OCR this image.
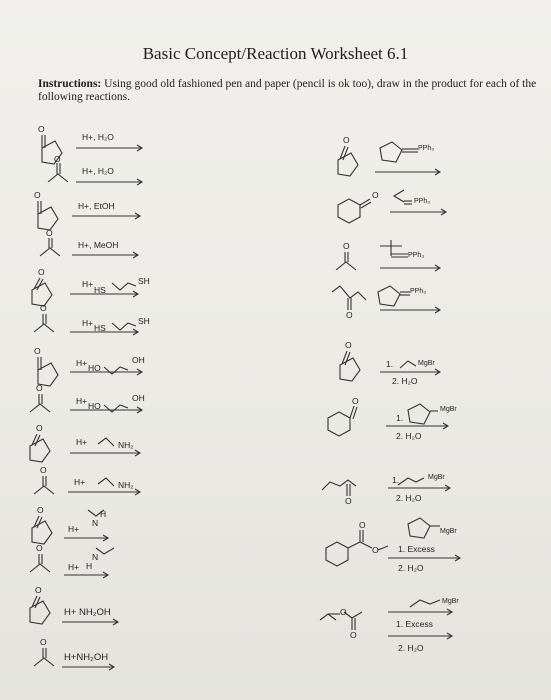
Basic Concept/Reaction Worksheet 6.1
Instructions: Using good old fashioned pen and paper (pencil is ok too), draw in the product for each of the following reactions.
O
O
O
O
O
O
O
O
O
O
O
O
O
O
O
O
O
O
O
O
O
O
O
O
O
H+, H₂O
H+, H₂O
H+, EtOH
H+, MeOH
H+
HS
SH
H+ HS
SH
H+ HO
OH
H+ HO
OH
H+	NH₂
H+	NH₂
H+
N
H
H+
N
H
H+ NH₂OH
H+NH₂OH
PPh₃
PPh₃
PPh₃
PPh₃
1.	MgBr
2. H₂O
1.
MgBr
2. H₂O
1.	MgBr
2. H₂O
1. Excess
MgBr
2. H₂O
1. Excess
MgBr
2. H₂O
